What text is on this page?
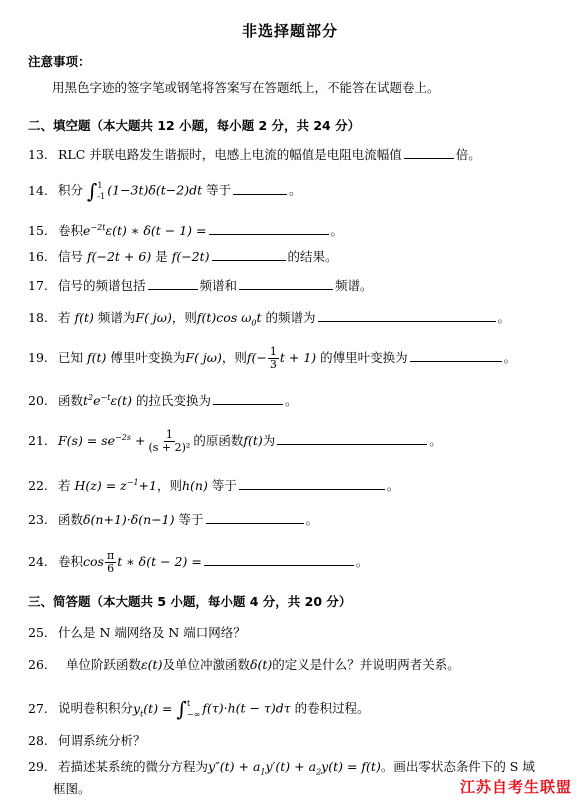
非选择题部分
注意事项：
用黑色字迹的签字笔或钢笔将答案写在答题纸上，不能答在试题卷上。
二、填空题（本大题共 12 小题，每小题 2 分，共 24 分）
13. RLC 并联电路发生谐振时，电感上电流的幅值是电阻电流幅值	倍。
14. 积分 ∫ 1
-1 (1−3t)δ(t−2)dt 等于	。
15. 卷积$e^{-2t}\varepsilon(t)$ ∗ δ(t − 1) =	。
16. 信号 f(−2t + 6) 是 f(−2t)	的结果。
17. 信号的频谱包括	频谱和	频谱。
18. 若 f(t) 频谱为F( jω)，则f(t)cos $\omega_0t$ 的频谱为	。
19. 已知 f(t) 傅里叶变换为F( jω)，则$f(- \frac{1}{3}$ t + 1) 的傅里叶变换为	。
20. 函数$t^2e^{-t}\varepsilon(t)$ 的拉氏变换为	。
21. $F(s) = se^{-2s} + \frac{1}{\text{(s + 2)²}}$ 的原函数f(t)为	。
22. 若 $H(z) = z^{-1}+1$，则h(n) 等于	。
23. 函数δ(n+1)·δ(n−1) 等于	。
24. 卷积$\cos \frac{\pi}{6}$ t ∗ δ(t − 2) =	。
三、简答题（本大题共 5 小题，每小题 4 分，共 20 分）
25. 什么是 N 端网络及 N 端口网络？
26. 单位阶跃函数ε(t)及单位冲激函数δ(t)的定义是什么？并说明两者关系。
27. 说明卷积积分$y_t(t)$ = ∫ t
−∞ f(τ)·h(t − τ)dτ 的卷积过程。
28. 何谓系统分析？
29. 若描述某系统的微分方程为$y''(t) + a_1y'(t) + a_2y(t) = f(t)$。画出零状态条件下的 S 域
框图。	江苏自考生联盟
